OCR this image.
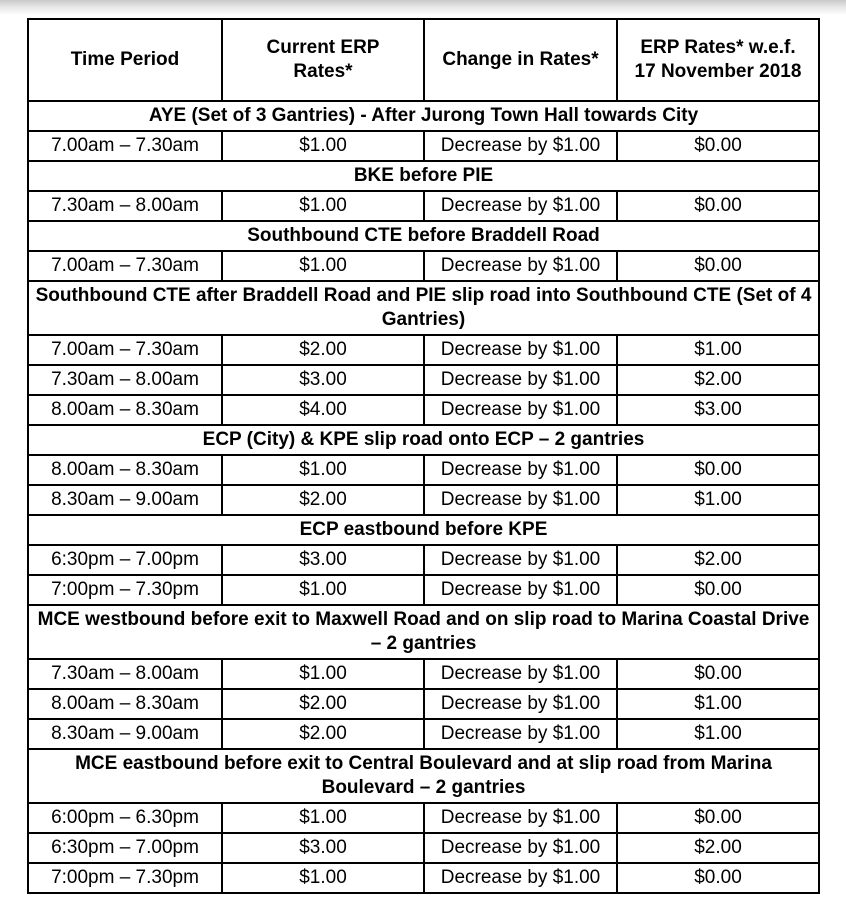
Time Period	Current ERP Rates*	Change in Rates*	ERP Rates* w.e.f. 17 November 2018
AYE (Set of 3 Gantries) - After Jurong Town Hall towards City			
7.00am – 7.30am	$1.00	Decrease by $1.00	$0.00
BKE before PIE			
7.30am – 8.00am	$1.00	Decrease by $1.00	$0.00
Southbound CTE before Braddell Road			
7.00am – 7.30am	$1.00	Decrease by $1.00	$0.00
Southbound CTE after Braddell Road and PIE slip road into Southbound CTE (Set of 4 Gantries)			
7.00am – 7.30am	$2.00	Decrease by $1.00	$1.00
7.30am – 8.00am	$3.00	Decrease by $1.00	$2.00
8.00am – 8.30am	$4.00	Decrease by $1.00	$3.00
ECP (City) & KPE slip road onto ECP – 2 gantries			
8.00am – 8.30am	$1.00	Decrease by $1.00	$0.00
8.30am – 9.00am	$2.00	Decrease by $1.00	$1.00
ECP eastbound before KPE			
6:30pm – 7.00pm	$3.00	Decrease by $1.00	$2.00
7:00pm – 7.30pm	$1.00	Decrease by $1.00	$0.00
MCE westbound before exit to Maxwell Road and on slip road to Marina Coastal Drive – 2 gantries			
7.30am – 8.00am	$1.00	Decrease by $1.00	$0.00
8.00am – 8.30am	$2.00	Decrease by $1.00	$1.00
8.30am – 9.00am	$2.00	Decrease by $1.00	$1.00
MCE eastbound before exit to Central Boulevard and at slip road from Marina Boulevard – 2 gantries			
6:00pm – 6.30pm	$1.00	Decrease by $1.00	$0.00
6:30pm – 7.00pm	$3.00	Decrease by $1.00	$2.00
7:00pm – 7.30pm	$1.00	Decrease by $1.00	$0.00
